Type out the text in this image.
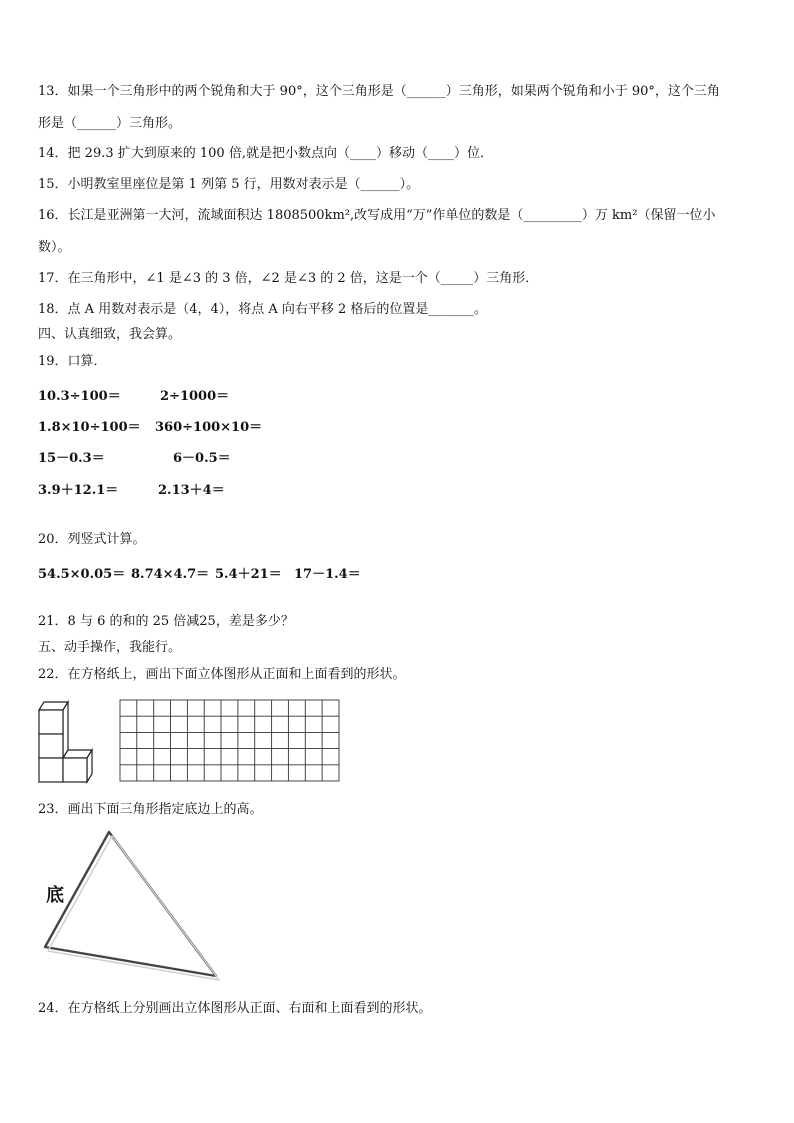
13．如果一个三角形中的两个锐角和大于 90°，这个三角形是（______）三角形，如果两个锐角和小于 90°，这个三角
形是（______）三角形。
14．把 29.3 扩大到原来的 100 倍,就是把小数点向（____）移动（____）位．
15．小明教室里座位是第 1 列第 5 行，用数对表示是（______）。
16．长江是亚洲第一大河，流域面积达 1808500km²,改写成用“万”作单位的数是（_________）万 km²（保留一位小
数）。
17．在三角形中，∠1 是∠3 的 3 倍，∠2 是∠3 的 2 倍，这是一个（_____）三角形．
18．点 A 用数对表示是（4，4），将点 A 向右平移 2 格后的位置是_______。
四、认真细致，我会算。
19．口算．
10.3÷100＝	2÷1000＝
1.8×10÷100＝ 360÷100×10＝
15－0.3＝	6－0.5＝
3.9＋12.1＝	2.13＋4＝
20．列竖式计算。
54.5×0.05＝ 8.74×4.7＝ 5.4＋21＝ 17－1.4＝
21．8 与 6 的和的 25 倍减25，差是多少？
五、动手操作，我能行。
22．在方格纸上，画出下面立体图形从正面和上面看到的形状。
23．画出下面三角形指定底边上的高。
底
24．在方格纸上分别画出立体图形从正面、右面和上面看到的形状。
